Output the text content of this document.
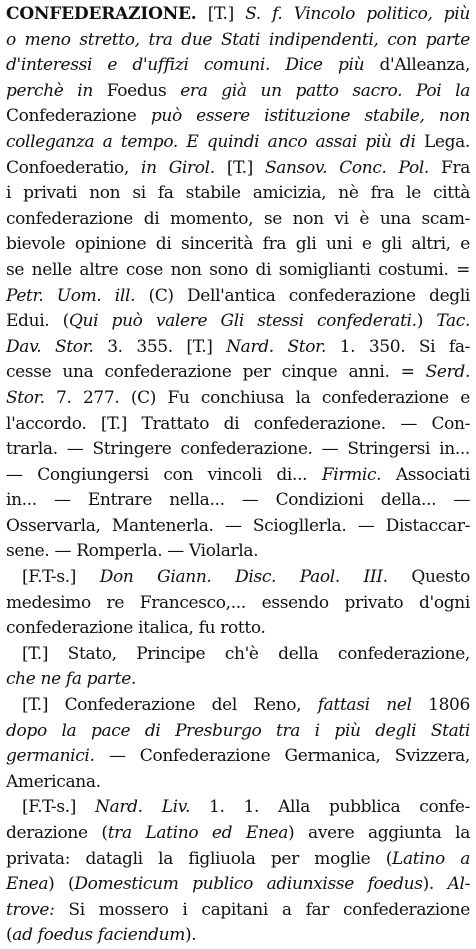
CONFEDERAZIONE. [T.] S. f. Vincolo politico, più
o meno stretto, tra due Stati indipendenti, con parte
d'interessi e d'uffizi comuni. Dice più d'Alleanza,
perchè in Foedus era già un patto sacro. Poi la
Confederazione può essere istituzione stabile, non
colleganza a tempo. E quindi anco assai più di Lega.
Confoederatio, in Girol. [T.] Sansov. Conc. Pol. Fra
i privati non si fa stabile amicizia, nè fra le città
confederazione di momento, se non vi è una scam-
bievole opinione di sincerità fra gli uni e gli altri, e
se nelle altre cose non sono di somiglianti costumi. =
Petr. Uom. ill. (C) Dell'antica confederazione degli
Edui. (Qui può valere Gli stessi confederati.) Tac.
Dav. Stor. 3. 355. [T.] Nard. Stor. 1. 350. Si fa-
cesse una confederazione per cinque anni. = Serd.
Stor. 7. 277. (C) Fu conchiusa la confederazione e
l'accordo. [T.] Trattato di confederazione. — Con-
trarla. — Stringere confederazione. — Stringersi in...
— Congiungersi con vincoli di... Firmic. Associati
in... — Entrare nella... — Condizioni della... —
Osservarla, Mantenerla. — Sciogllerla. — Distaccar-
sene. — Romperla. — Violarla.
[F.T-s.] Don Giann. Disc. Paol. III. Questo
medesimo re Francesco,... essendo privato d'ogni
confederazione italica, fu rotto.
[T.] Stato, Principe ch'è della confederazione,
che ne fa parte.
[T.] Confederazione del Reno, fattasi nel 1806
dopo la pace di Presburgo tra i più degli Stati
germanici. — Confederazione Germanica, Svizzera,
Americana.
[F.T-s.] Nard. Liv. 1. 1. Alla pubblica confe-
derazione (tra Latino ed Enea) avere aggiunta la
privata: datagli la figliuola per moglie (Latino a
Enea) (Domesticum publico adiunxisse foedus). Al-
trove: Si mossero i capitani a far confederazione
(ad foedus faciendum).
